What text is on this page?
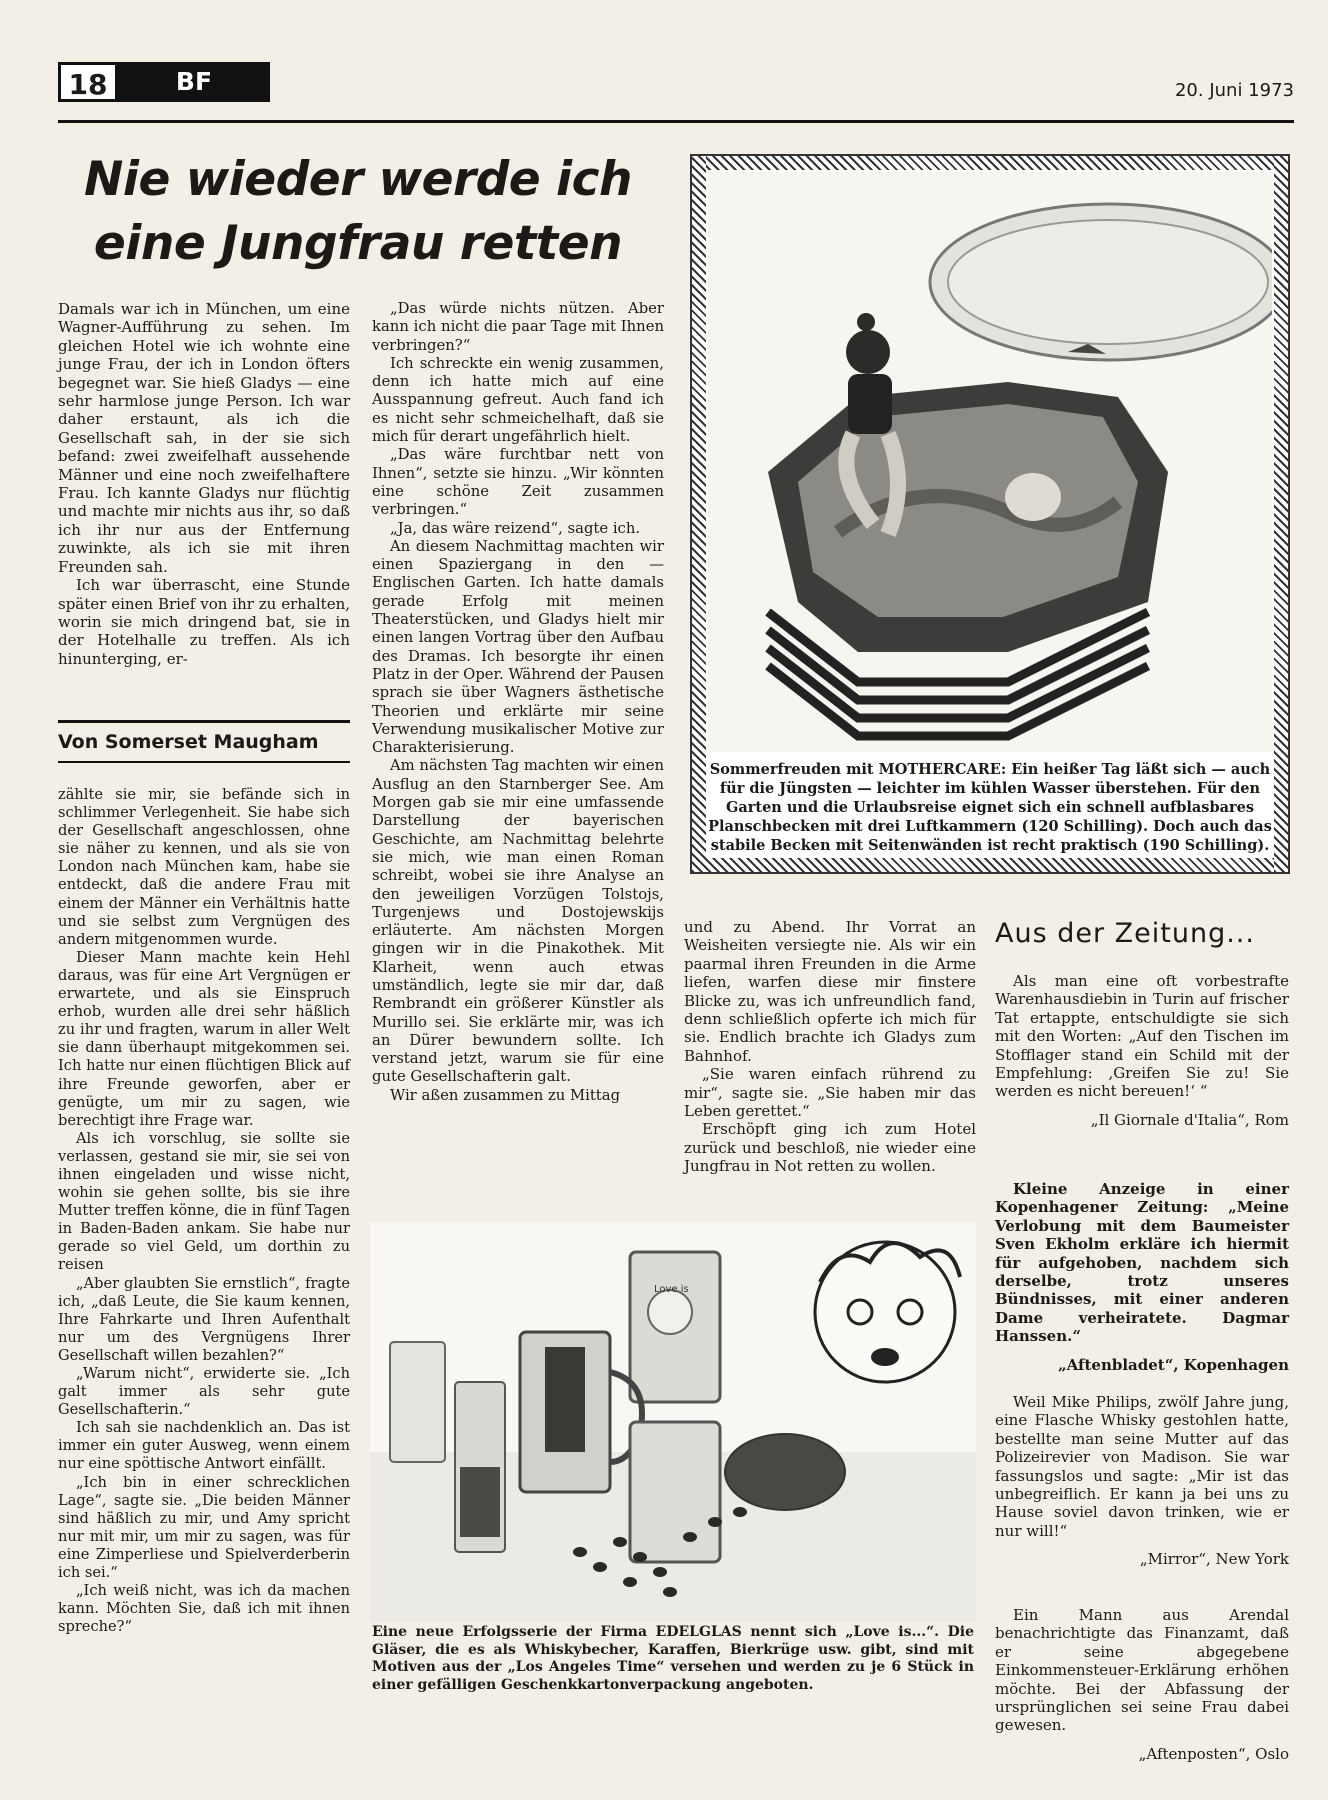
18	BF	20. Juni 1973
Nie wieder werde ich
eine Jungfrau retten

Damals war ich in München, um eine Wagner-Aufführung zu sehen. Im gleichen Hotel wie ich wohnte eine junge Frau, der ich in London öfters begegnet war. Sie hieß Gladys — eine sehr harmlose junge Person. Ich war daher erstaunt, als ich die Gesellschaft sah, in der sie sich befand: zwei zweifelhaft aussehende Männer und eine noch zweifelhaftere Frau. Ich kannte Gladys nur flüchtig und machte mir nichts aus ihr, so daß ich ihr nur aus der Entfernung zuwinkte, als ich sie mit ihren Freunden sah.

Ich war überrascht, eine Stunde später einen Brief von ihr zu erhalten, worin sie mich dringend bat, sie in der Hotelhalle zu treffen. Als ich hinunterging, er-

Von Somerset Maugham

zählte sie mir, sie befände sich in schlimmer Verlegenheit. Sie habe sich der Gesellschaft angeschlossen, ohne sie näher zu kennen, und als sie von London nach München kam, habe sie entdeckt, daß die andere Frau mit einem der Männer ein Verhältnis hatte und sie selbst zum Vergnügen des andern mitgenommen wurde.

Dieser Mann machte kein Hehl daraus, was für eine Art Vergnügen er erwartete, und als sie Einspruch erhob, wurden alle drei sehr häßlich zu ihr und fragten, warum in aller Welt sie dann überhaupt mitgekommen sei. Ich hatte nur einen flüchtigen Blick auf ihre Freunde geworfen, aber er genügte, um mir zu sagen, wie berechtigt ihre Frage war.

Als ich vorschlug, sie sollte sie verlassen, gestand sie mir, sie sei von ihnen eingeladen und wisse nicht, wohin sie gehen sollte, bis sie ihre Mutter treffen könne, die in fünf Tagen in Baden-Baden ankam. Sie habe nur gerade so viel Geld, um dorthin zu reisen

„Aber glaubten Sie ernstlich“, fragte ich, „daß Leute, die Sie kaum kennen, Ihre Fahrkarte und Ihren Aufenthalt nur um des Vergnügens Ihrer Gesellschaft willen bezahlen?“

„Warum nicht“, erwiderte sie. „Ich galt immer als sehr gute Gesellschafterin.“

Ich sah sie nachdenklich an. Das ist immer ein guter Ausweg, wenn einem nur eine spöttische Antwort einfällt.

„Ich bin in einer schrecklichen Lage“, sagte sie. „Die beiden Männer sind häßlich zu mir, und Amy spricht nur mit mir, um mir zu sagen, was für eine Zimperliese und Spielverderberin ich sei.“

„Ich weiß nicht, was ich da machen kann. Möchten Sie, daß ich mit ihnen spreche?“

„Das würde nichts nützen. Aber kann ich nicht die paar Tage mit Ihnen verbringen?“

Ich schreckte ein wenig zusammen, denn ich hatte mich auf eine Ausspannung gefreut. Auch fand ich es nicht sehr schmeichelhaft, daß sie mich für derart ungefährlich hielt.

„Das wäre furchtbar nett von Ihnen“, setzte sie hinzu. „Wir könnten eine schöne Zeit zusammen verbringen.“

„Ja, das wäre reizend“, sagte ich.

An diesem Nachmittag machten wir einen Spaziergang in den — Englischen Garten. Ich hatte damals gerade Erfolg mit meinen Theaterstücken, und Gladys hielt mir einen langen Vortrag über den Aufbau des Dramas. Ich besorgte ihr einen Platz in der Oper. Während der Pausen sprach sie über Wagners ästhetische Theorien und erklärte mir seine Verwendung musikalischer Motive zur Charakterisierung.

Am nächsten Tag machten wir einen Ausflug an den Starnberger See. Am Morgen gab sie mir eine umfassende Darstellung der bayerischen Geschichte, am Nachmittag belehrte sie mich, wie man einen Roman schreibt, wobei sie ihre Analyse an den jeweiligen Vorzügen Tolstojs, Turgenjews und Dostojewskijs erläuterte. Am nächsten Morgen gingen wir in die Pinakothek. Mit Klarheit, wenn auch etwas umständlich, legte sie mir dar, daß Rembrandt ein größerer Künstler als Murillo sei. Sie erklärte mir, was ich an Dürer bewundern sollte. Ich verstand jetzt, warum sie für eine gute Gesellschafterin galt.

Wir aßen zusammen zu Mittag

und zu Abend. Ihr Vorrat an Weisheiten versiegte nie. Als wir ein paarmal ihren Freunden in die Arme liefen, warfen diese mir finstere Blicke zu, was ich unfreundlich fand, denn schließlich opferte ich mich für sie. Endlich brachte ich Gladys zum Bahnhof.

„Sie waren einfach rührend zu mir“, sagte sie. „Sie haben mir das Leben gerettet.“

Erschöpft ging ich zum Hotel zurück und beschloß, nie wieder eine Jungfrau in Not retten zu wollen.

Sommerfreuden mit MOTHERCARE: Ein heißer Tag läßt sich — auch für die Jüngsten — leichter im kühlen Wasser überstehen. Für den Garten und die Urlaubsreise eignet sich ein schnell aufblasbares Planschbecken mit drei Luftkammern (120 Schilling). Doch auch das stabile Becken mit Seitenwänden ist recht praktisch (190 Schilling).
Love is
Eine neue Erfolgsserie der Firma EDELGLAS nennt sich „Love is...“. Die Gläser, die es als Whiskybecher, Karaffen, Bierkrüge usw. gibt, sind mit Motiven aus der „Los Angeles Time“ versehen und werden zu je 6 Stück in einer gefälligen Geschenkkartonverpackung angeboten.
Aus der Zeitung...

Als man eine oft vorbestrafte Warenhausdiebin in Turin auf frischer Tat ertappte, entschuldigte sie sich mit den Worten: „Auf den Tischen im Stofflager stand ein Schild mit der Empfehlung: ‚Greifen Sie zu! Sie werden es nicht bereuen!‘ “

„Il Giornale d'Italia“, Rom

Kleine Anzeige in einer Kopenhagener Zeitung: „Meine Verlobung mit dem Baumeister Sven Ekholm erkläre ich hiermit für aufgehoben, nachdem sich derselbe, trotz unseres Bündnisses, mit einer anderen Dame verheiratete. Dagmar Hanssen.“

„Aftenbladet“, Kopenhagen

Weil Mike Philips, zwölf Jahre jung, eine Flasche Whisky gestohlen hatte, bestellte man seine Mutter auf das Polizeirevier von Madison. Sie war fassungslos und sagte: „Mir ist das unbegreiflich. Er kann ja bei uns zu Hause soviel davon trinken, wie er nur will!“

„Mirror“, New York

Ein Mann aus Arendal benachrichtigte das Finanzamt, daß er seine abgegebene Einkommensteuer-Erklärung erhöhen möchte. Bei der Abfassung der ursprünglichen sei seine Frau dabei gewesen.

„Aftenposten“, Oslo
